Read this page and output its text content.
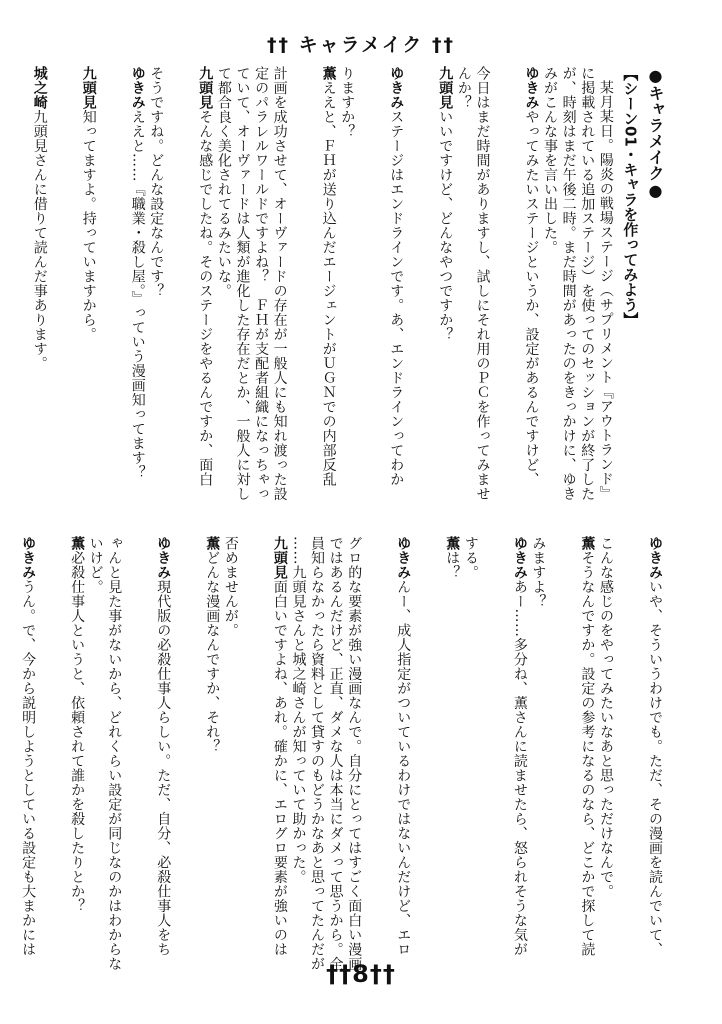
†† キャラメイク ††
●キャラメイク●
【シーン01・キャラを作ってみよう】
某月某日。陽炎の戦場ステージ（サプリメント『アウトランド』
に掲載されている追加ステージ）を使ってのセッションが終了した
が、時刻はまだ午後二時。まだ時間があったのをきっかけに、ゆき
みがこんな事を言い出した。
ゆきみやってみたいステージというか、設定があるんですけど、
今日はまだ時間がありますし、試しにそれ用のＰＣを作ってみませ
んか？
九頭見いいですけど、どんなやつですか？
ゆきみステージはエンドラインです。あ、エンドラインってわか
りますか？
薫ええと、ＦＨが送り込んだエージェントがＵＧＮでの内部反乱
計画を成功させて、オーヴァードの存在が一般人にも知れ渡った設
定のパラレルワールドですよね？　ＦＨが支配者組織になっちゃっ
ていて、オーヴァードは人類が進化した存在だとか、一般人に対し
て都合良く美化されてるみたいな。
九頭見そんな感じでしたね。そのステージをやるんですか、面白
そうですね。どんな設定なんです？
ゆきみええと……『職業・殺し屋。』っていう漫画知ってます？
九頭見知ってますよ。持っていますから。
城之崎九頭見さんに借りて読んだ事あります。
ゆきみいや、そういうわけでも。ただ、その漫画を読んでいて、
こんな感じのをやってみたいなあと思っただけなんで。
薫そうなんですか。設定の参考になるのなら、どこかで探して読
みますよ？
ゆきみあー……多分ね、薫さんに読ませたら、怒られそうな気が
する。
薫は？
ゆきみんー、成人指定がついているわけではないんだけど、エロ
グロ的な要素が強い漫画なんで。自分にとってはすごく面白い漫画
ではあるんだけど、正直、ダメな人は本当にダメって思うから。全
員知らなかったら資料として貸すのもどうかなあと思ってたんだが
……九頭見さんと城之崎さんが知っていて助かった。
九頭見面白いですよね、あれ。確かに、エログロ要素が強いのは
否めませんが。
薫どんな漫画なんですか、それ？
ゆきみ現代版の必殺仕事人らしい。ただ、自分、必殺仕事人をち
ゃんと見た事がないから、どれくらい設定が同じなのかはわからな
いけど。
薫必殺仕事人というと、依頼されて誰かを殺したりとか？
ゆきみうん。で、今から説明しようとしている設定も大まかには
††8††
